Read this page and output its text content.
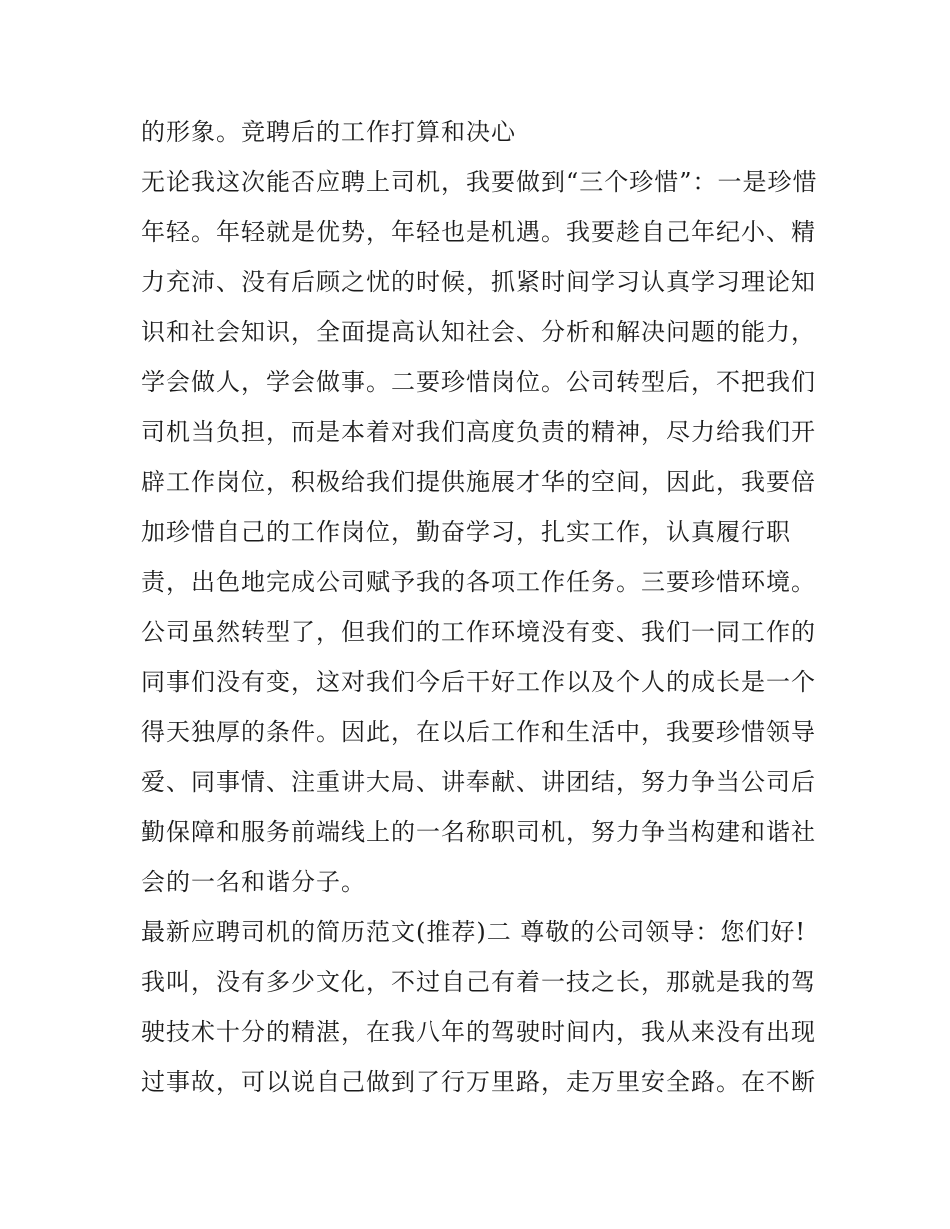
的形象。竞聘后的工作打算和决心
无论我这次能否应聘上司机，我要做到“三个珍惜”：一是珍惜
年轻。年轻就是优势，年轻也是机遇。我要趁自己年纪小、精
力充沛、没有后顾之忧的时候，抓紧时间学习认真学习理论知
识和社会知识，全面提高认知社会、分析和解决问题的能力，
学会做人，学会做事。二要珍惜岗位。公司转型后，不把我们
司机当负担，而是本着对我们高度负责的精神，尽力给我们开
辟工作岗位，积极给我们提供施展才华的空间，因此，我要倍
加珍惜自己的工作岗位，勤奋学习，扎实工作，认真履行职
责，出色地完成公司赋予我的各项工作任务。三要珍惜环境。
公司虽然转型了，但我们的工作环境没有变、我们一同工作的
同事们没有变，这对我们今后干好工作以及个人的成长是一个
得天独厚的条件。因此，在以后工作和生活中，我要珍惜领导
爱、同事情、注重讲大局、讲奉献、讲团结，努力争当公司后
勤保障和服务前端线上的一名称职司机，努力争当构建和谐社
会的一名和谐分子。
最新应聘司机的简历范文(推荐)二 尊敬的公司领导：您们好!
我叫，没有多少文化，不过自己有着一技之长，那就是我的驾
驶技术十分的精湛，在我八年的驾驶时间内，我从来没有出现
过事故，可以说自己做到了行万里路，走万里安全路。在不断
